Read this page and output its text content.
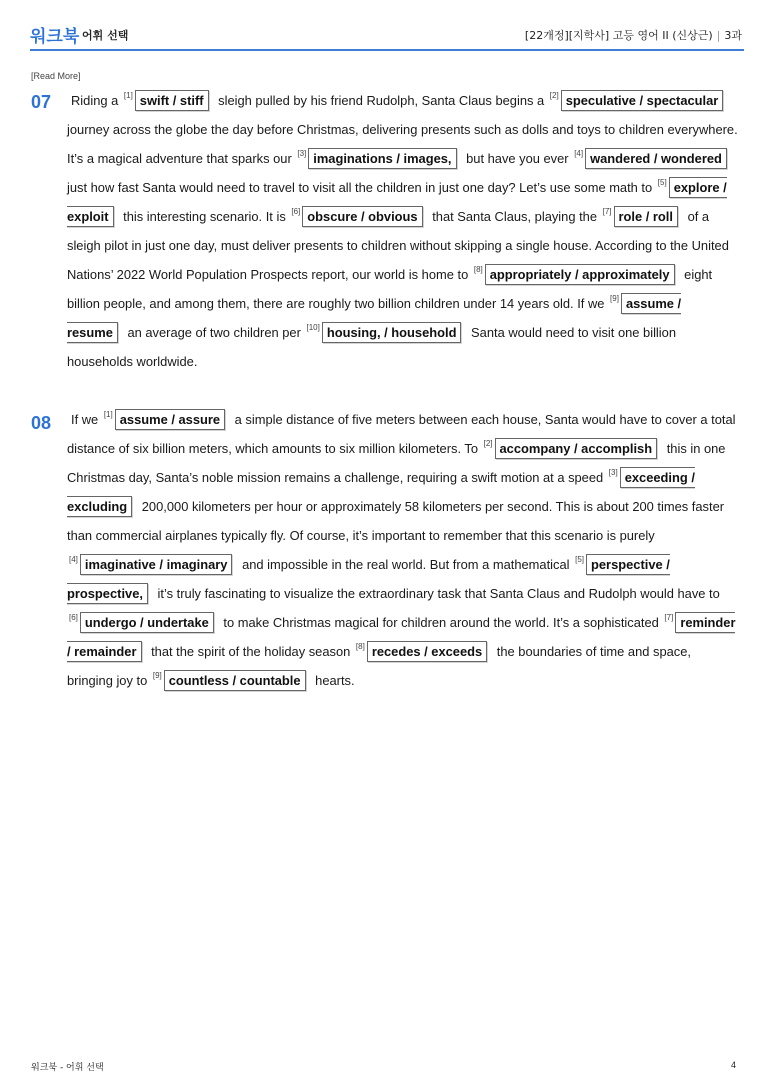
워크북 어휘 선택	[22개정][지학사] 고등 영어 II (신상근) | 3과
[Read More]
07	Riding a [1] swift / stiff sleigh pulled by his friend Rudolph, Santa Claus begins a [2] speculative / spectacular journey across the globe the day before Christmas, delivering presents such as dolls and toys to children everywhere. It’s a magical adventure that sparks our [3] imaginations / images, but have you ever [4] wandered / wondered just how fast Santa would need to travel to visit all the children in just one day? Let’s use some math to [5] explore / exploit this interesting scenario. It is [6] obscure / obvious that Santa Claus, playing the [7] role / roll of a sleigh pilot in just one day, must deliver presents to children without skipping a single house. According to the United Nations’ 2022 World Population Prospects report, our world is home to [8] appropriately / approximately eight billion people, and among them, there are roughly two billion children under 14 years old. If we [9] assume / resume an average of two children per [10] housing, / household Santa would need to visit one billion households worldwide.
08	If we [1] assume / assure a simple distance of five meters between each house, Santa would have to cover a total distance of six billion meters, which amounts to six million kilometers. To [2] accompany / accomplish this in one Christmas day, Santa’s noble mission remains a challenge, requiring a swift motion at a speed [3] exceeding / excluding 200,000 kilometers per hour or approximately 58 kilometers per second. This is about 200 times faster than commercial airplanes typically fly. Of course, it’s important to remember that this scenario is purely [4] imaginative / imaginary and impossible in the real world. But from a mathematical [5] perspective / prospective, it’s truly fascinating to visualize the extraordinary task that Santa Claus and Rudolph would have to [6] undergo / undertake to make Christmas magical for children around the world. It’s a sophisticated [7] reminder / remainder that the spirit of the holiday season [8] recedes / exceeds the boundaries of time and space, bringing joy to [9] countless / countable hearts.
워크북 - 어휘 선택	4
